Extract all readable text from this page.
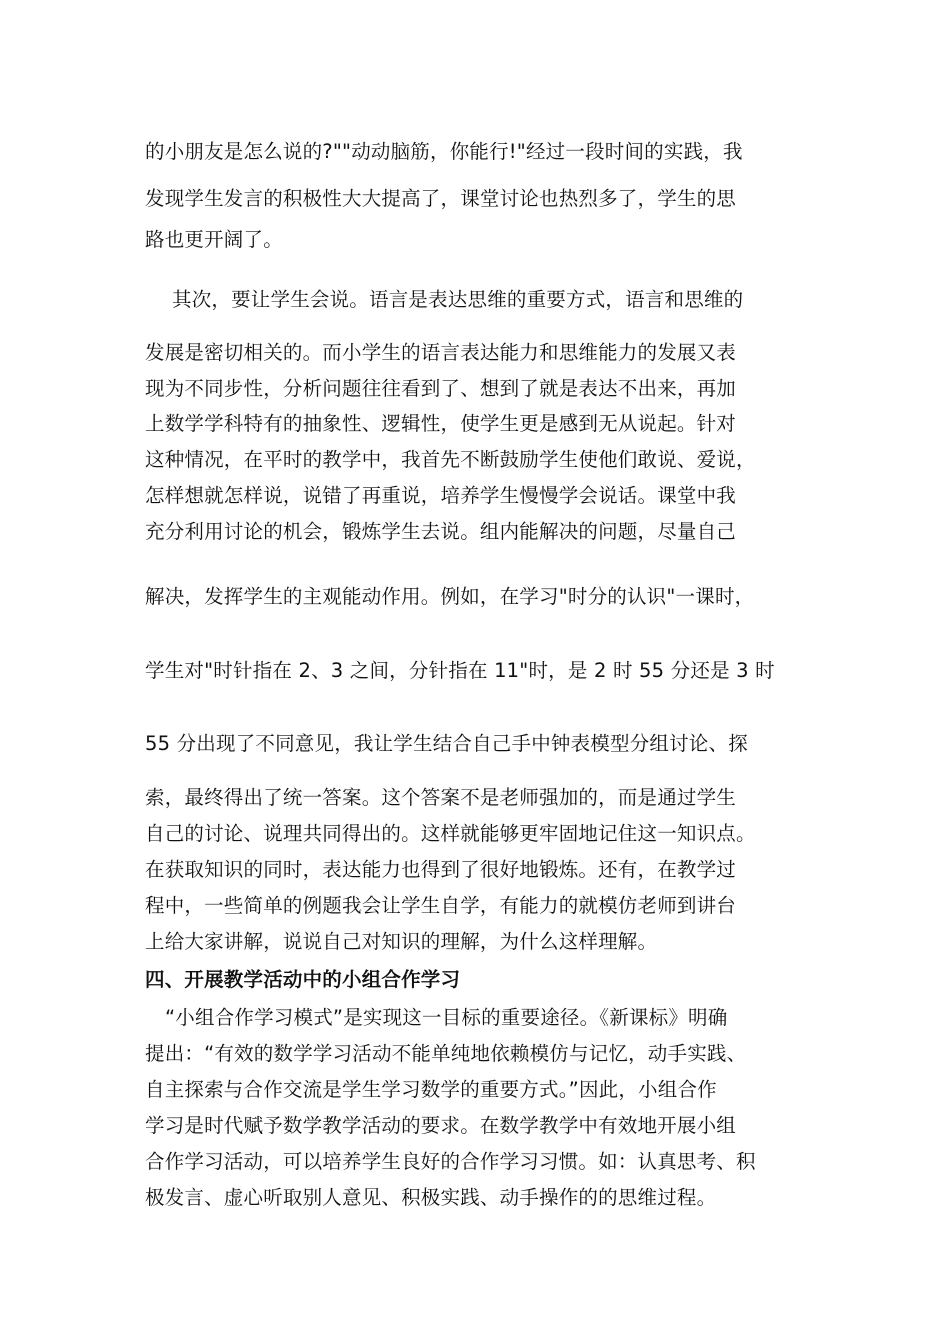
的小朋友是怎么说的?""动动脑筋，你能行!"经过一段时间的实践，我
发现学生发言的积极性大大提高了，课堂讨论也热烈多了，学生的思
路也更开阔了。
其次，要让学生会说。语言是表达思维的重要方式，语言和思维的
发展是密切相关的。而小学生的语言表达能力和思维能力的发展又表
现为不同步性，分析问题往往看到了、想到了就是表达不出来，再加
上数学学科特有的抽象性、逻辑性，使学生更是感到无从说起。针对
这种情况，在平时的教学中，我首先不断鼓励学生使他们敢说、爱说，
怎样想就怎样说，说错了再重说，培养学生慢慢学会说话。课堂中我
充分利用讨论的机会，锻炼学生去说。组内能解决的问题，尽量自己
解决，发挥学生的主观能动作用。例如，在学习"时分的认识"一课时，
学生对"时针指在 2、3 之间，分针指在 11"时，是 2 时 55 分还是 3 时
55 分出现了不同意见，我让学生结合自己手中钟表模型分组讨论、探
索，最终得出了统一答案。这个答案不是老师强加的，而是通过学生
自己的讨论、说理共同得出的。这样就能够更牢固地记住这一知识点。
在获取知识的同时，表达能力也得到了很好地锻炼。还有，在教学过
程中，一些简单的例题我会让学生自学，有能力的就模仿老师到讲台
上给大家讲解，说说自己对知识的理解，为什么这样理解。
四、开展教学活动中的小组合作学习
“小组合作学习模式”是实现这一目标的重要途径。《新课标》明确
提出：“有效的数学学习活动不能单纯地依赖模仿与记忆，动手实践、
自主探索与合作交流是学生学习数学的重要方式。”因此，小组合作
学习是时代赋予数学教学活动的要求。在数学教学中有效地开展小组
合作学习活动，可以培养学生良好的合作学习习惯。如：认真思考、积
极发言、虚心听取别人意见、积极实践、动手操作的的思维过程。
